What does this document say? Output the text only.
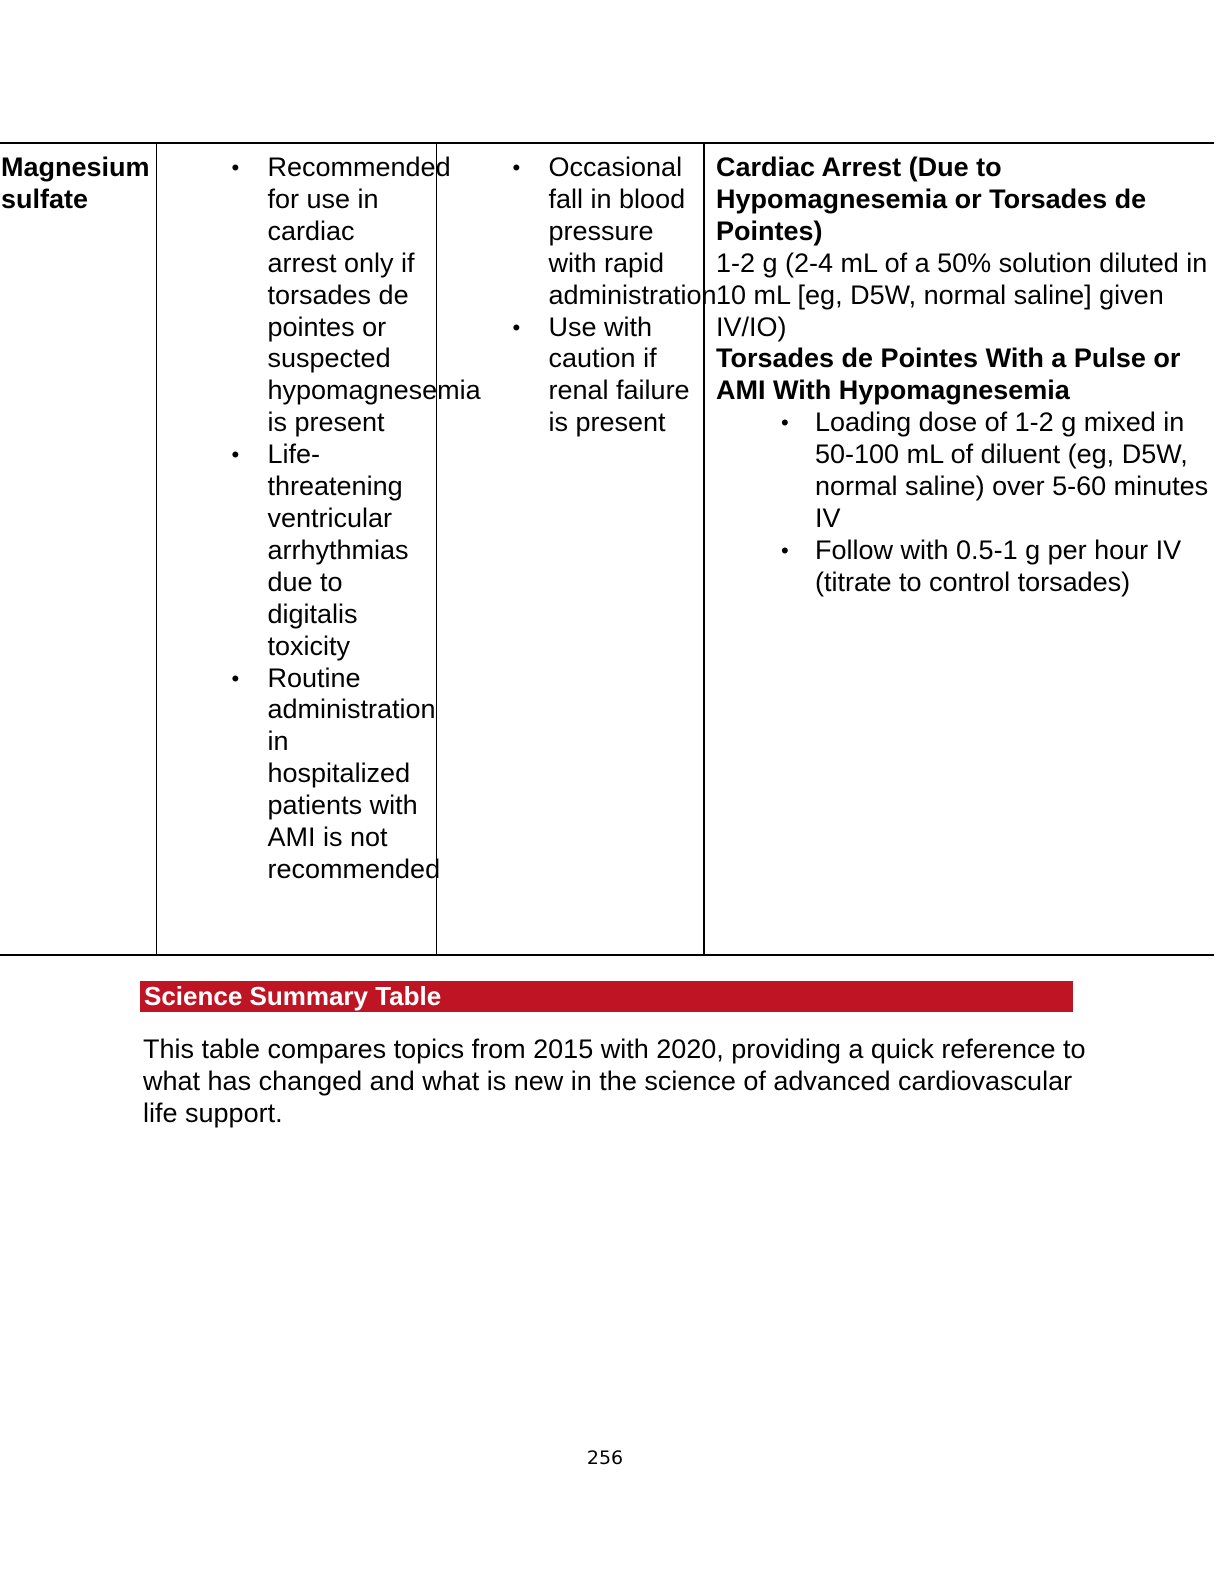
Magnesium sulfate

• Recommended for use in cardiac arrest only if torsades de pointes or suspected hypomagnesemia is present
• Life-threatening ventricular arrhythmias due to digitalis toxicity
• Routine administration in hospitalized patients with AMI is not recommended

• Occasional fall in blood pressure with rapid administration
• Use with caution if renal failure is present

Cardiac Arrest (Due to Hypomagnesemia or Torsades de Pointes)
1-2 g (2-4 mL of a 50% solution diluted in 10 mL [eg, D5W, normal saline] given IV/IO)
Torsades de Pointes With a Pulse or AMI With Hypomagnesemia
• Loading dose of 1-2 g mixed in 50-100 mL of diluent (eg, D5W, normal saline) over 5-60 minutes IV
• Follow with 0.5-1 g per hour IV (titrate to control torsades)
Science Summary Table
This table compares topics from 2015 with 2020, providing a quick reference to what has changed and what is new in the science of advanced cardiovascular life support.
256
